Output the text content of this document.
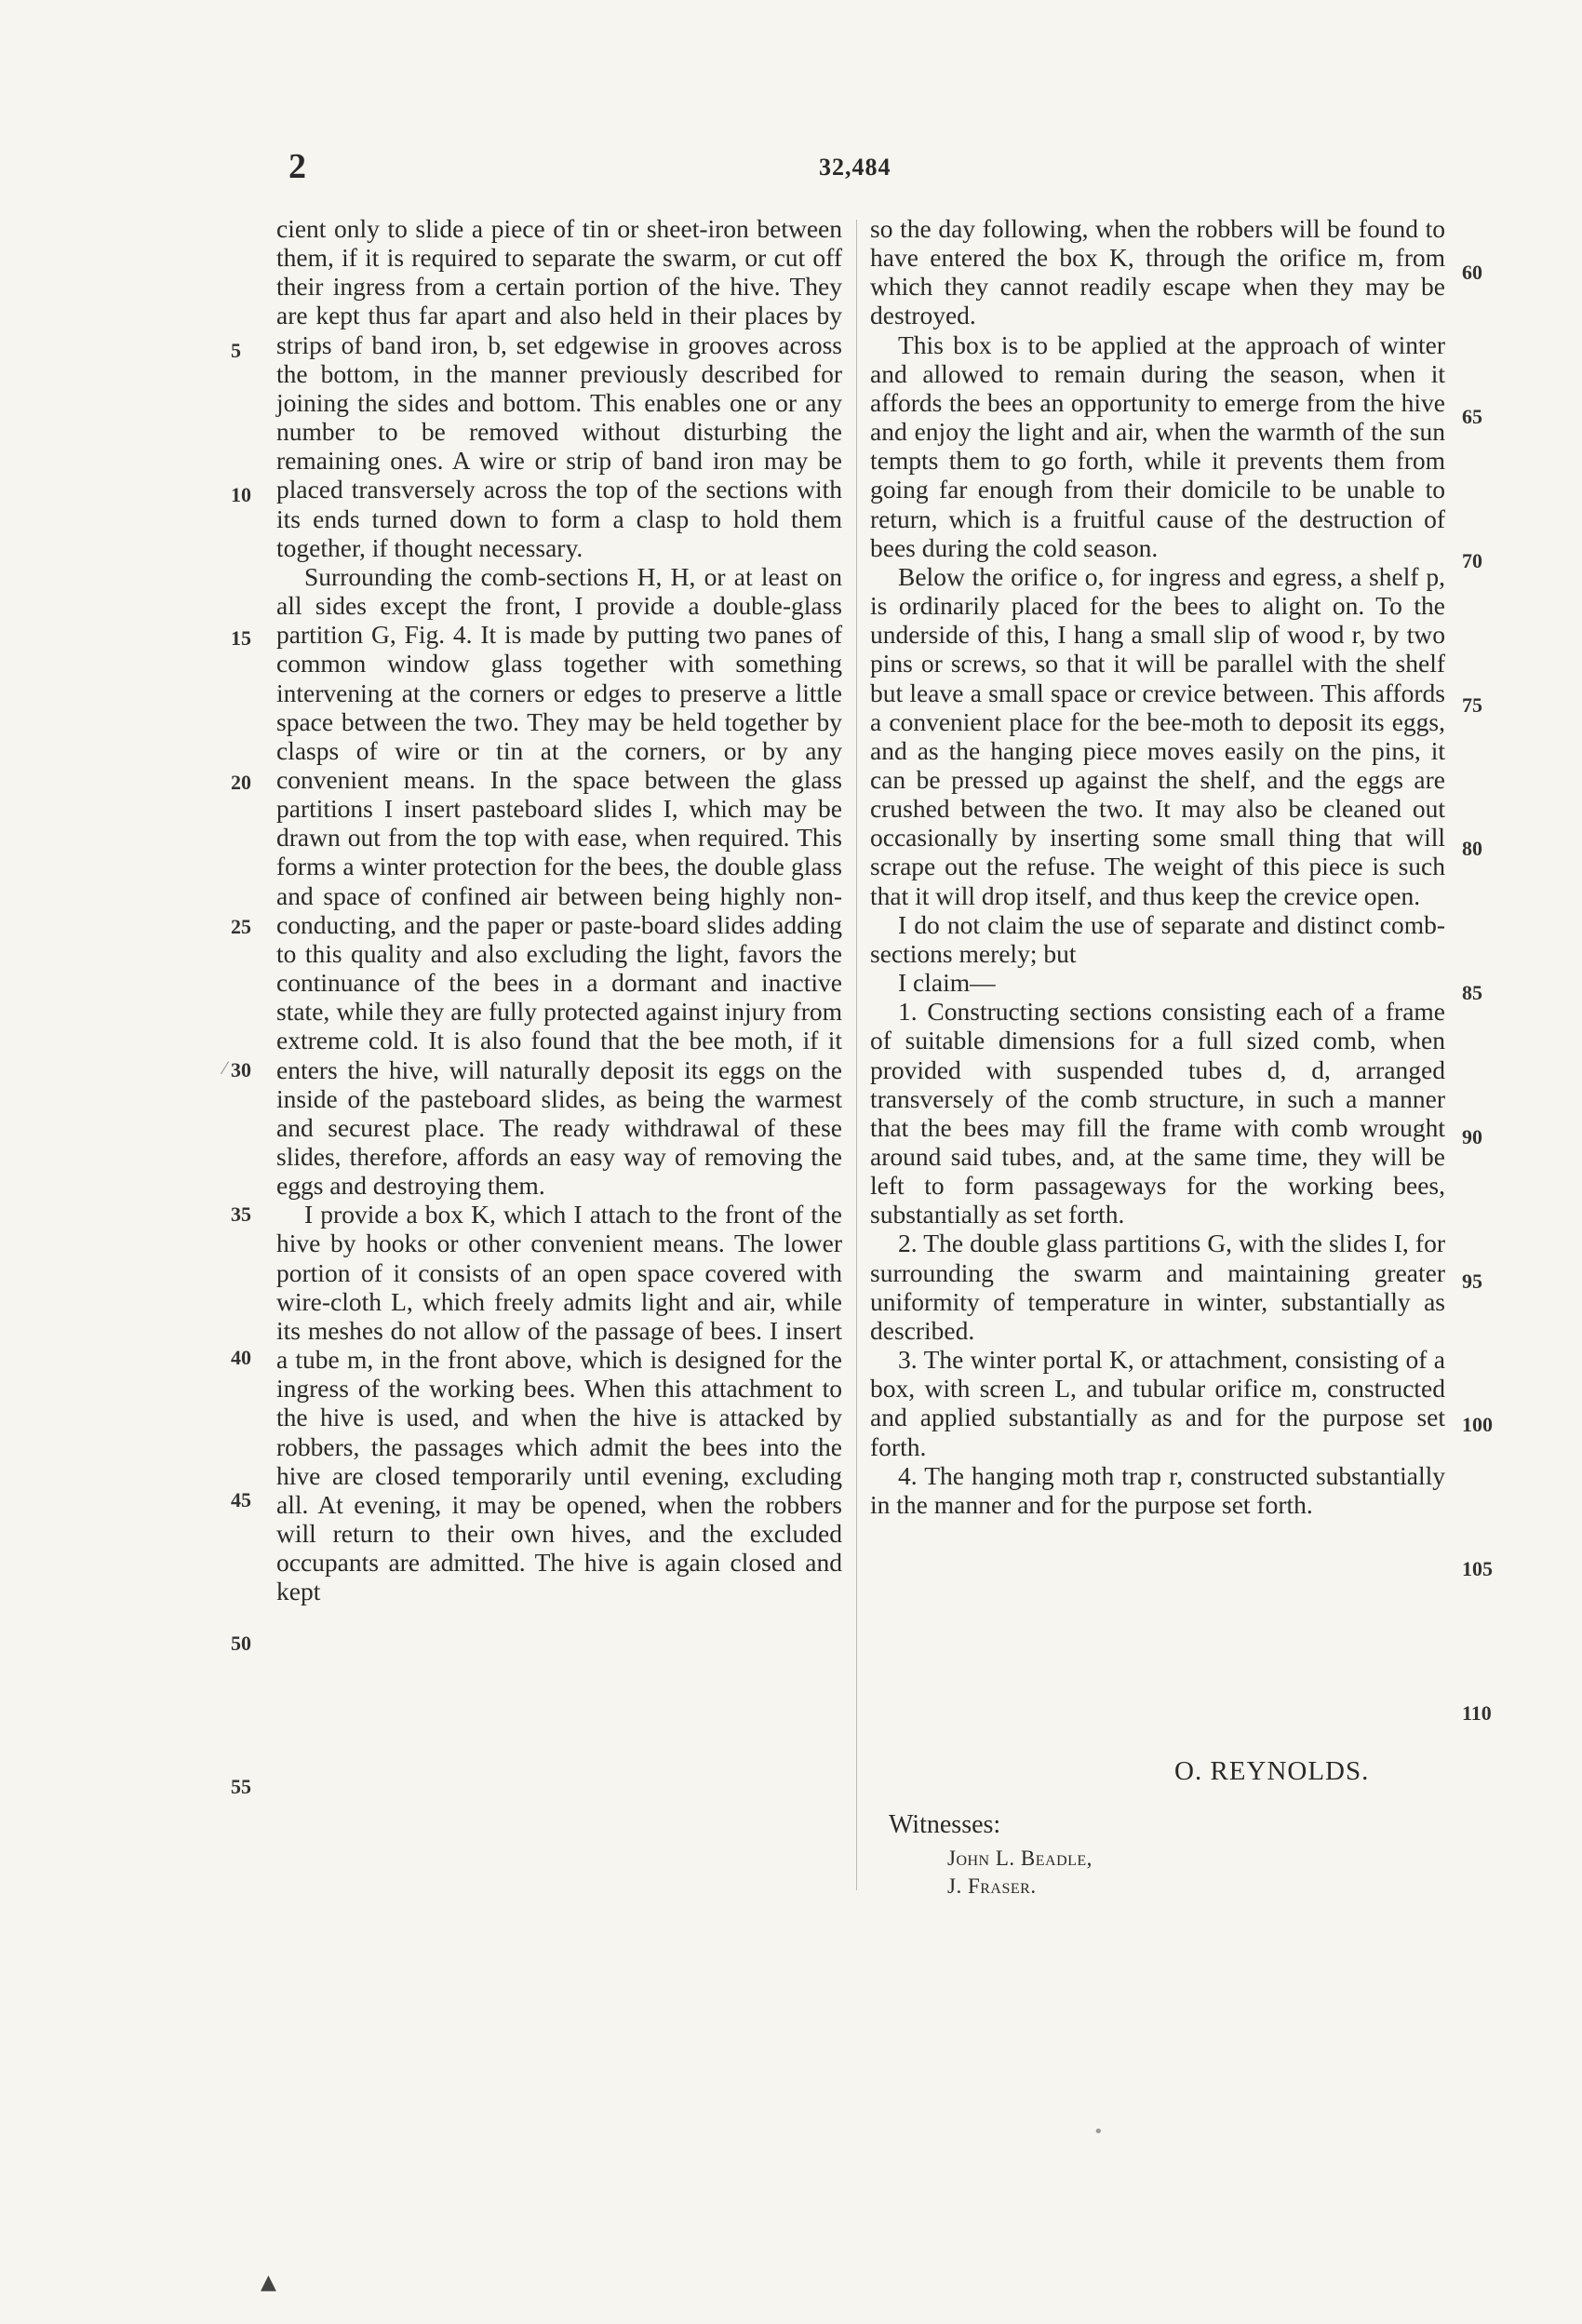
2	32,484

cient only to slide a piece of tin or sheet-iron between them, if it is required to separate the swarm, or cut off their ingress from a certain portion of the hive. They are kept thus far apart and also held in their places by strips of band iron, b, set edgewise in grooves across the bottom, in the manner previously described for joining the sides and bottom. This enables one or any number to be removed without disturbing the remaining ones. A wire or strip of band iron may be placed transversely across the top of the sections with its ends turned down to form a clasp to hold them together, if thought necessary.

Surrounding the comb-sections H, H, or at least on all sides except the front, I provide a double-glass partition G, Fig. 4. It is made by putting two panes of common window glass together with something intervening at the corners or edges to preserve a little space between the two. They may be held together by clasps of wire or tin at the corners, or by any convenient means. In the space between the glass partitions I insert pasteboard slides I, which may be drawn out from the top with ease, when required. This forms a winter protection for the bees, the double glass and space of confined air between being highly non-conducting, and the paper or paste-board slides adding to this quality and also excluding the light, favors the continuance of the bees in a dormant and inactive state, while they are fully protected against injury from extreme cold. It is also found that the bee moth, if it enters the hive, will naturally deposit its eggs on the inside of the pasteboard slides, as being the warmest and securest place. The ready withdrawal of these slides, therefore, affords an easy way of removing the eggs and destroying them.

I provide a box K, which I attach to the front of the hive by hooks or other convenient means. The lower portion of it consists of an open space covered with wire-cloth L, which freely admits light and air, while its meshes do not allow of the passage of bees. I insert a tube m, in the front above, which is designed for the ingress of the working bees. When this attachment to the hive is used, and when the hive is attacked by robbers, the passages which admit the bees into the hive are closed temporarily until evening, excluding all. At evening, it may be opened, when the robbers will return to their own hives, and the excluded occupants are admitted. The hive is again closed and kept

so the day following, when the robbers will be found to have entered the box K, through the orifice m, from which they cannot readily escape when they may be destroyed.

This box is to be applied at the approach of winter and allowed to remain during the season, when it affords the bees an opportunity to emerge from the hive and enjoy the light and air, when the warmth of the sun tempts them to go forth, while it prevents them from going far enough from their domicile to be unable to return, which is a fruitful cause of the destruction of bees during the cold season.

Below the orifice o, for ingress and egress, a shelf p, is ordinarily placed for the bees to alight on. To the underside of this, I hang a small slip of wood r, by two pins or screws, so that it will be parallel with the shelf but leave a small space or crevice between. This affords a convenient place for the bee-moth to deposit its eggs, and as the hanging piece moves easily on the pins, it can be pressed up against the shelf, and the eggs are crushed between the two. It may also be cleaned out occasionally by inserting some small thing that will scrape out the refuse. The weight of this piece is such that it will drop itself, and thus keep the crevice open.

I do not claim the use of separate and distinct comb-sections merely; but

I claim—

1. Constructing sections consisting each of a frame of suitable dimensions for a full sized comb, when provided with suspended tubes d, d, arranged transversely of the comb structure, in such a manner that the bees may fill the frame with comb wrought around said tubes, and, at the same time, they will be left to form passageways for the working bees, substantially as set forth.

2. The double glass partitions G, with the slides I, for surrounding the swarm and maintaining greater uniformity of temperature in winter, substantially as described.

3. The winter portal K, or attachment, consisting of a box, with screen L, and tubular orifice m, constructed and applied substantially as and for the purpose set forth.

4. The hanging moth trap r, constructed substantially in the manner and for the purpose set forth.

5
10
15
20
25
30
35
40
45
50
55
60
65
70
75
80
85
90
95
100
105
110
O. REYNOLDS.
Witnesses:
John L. Beadle,
J. Fraser.
•
⁄
▲
